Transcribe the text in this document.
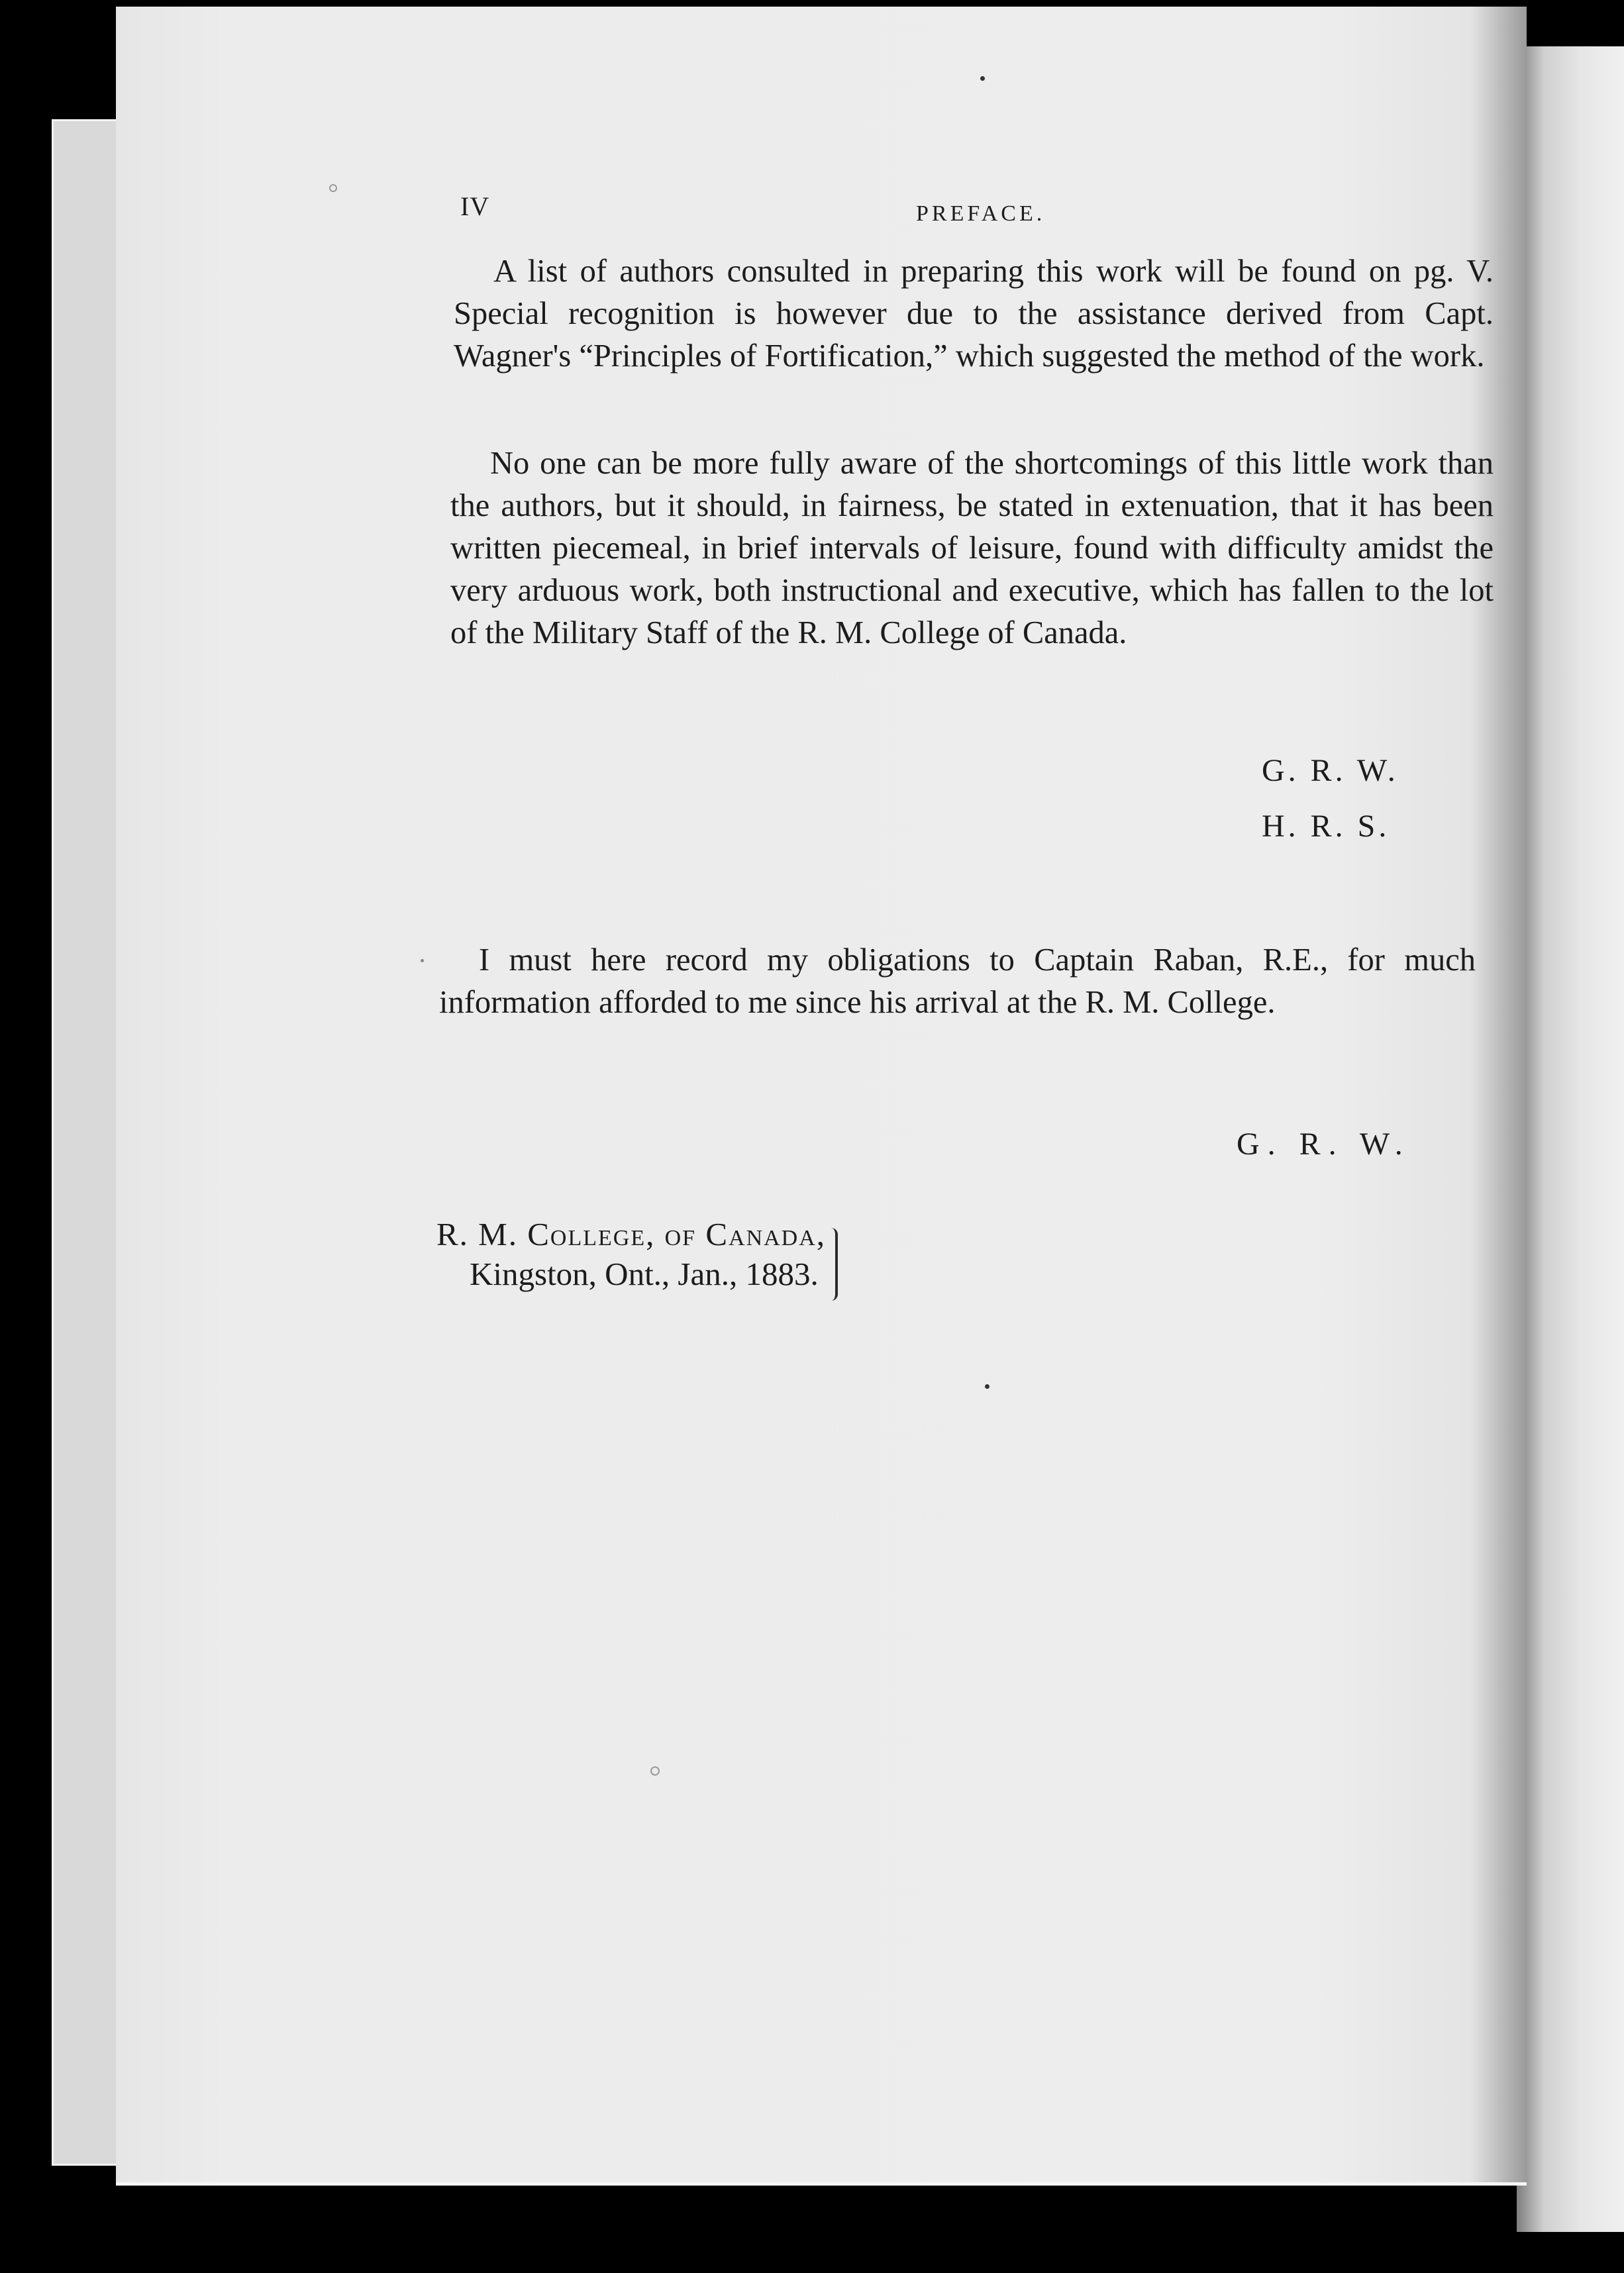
IV	PREFACE.

A list of authors consulted in preparing this work will be found on pg. V. Special recognition is however due to the assistance derived from Capt. Wagner's “Principles of Fortification,” which suggested the method of the work.

No one can be more fully aware of the shortcomings of this little work than the authors, but it should, in fairness, be stated in extenuation, that it has been written piecemeal, in brief intervals of leisure, found with difficulty amidst the very arduous work, both instructional and executive, which has fallen to the lot of the Military Staff of the R. M. College of Canada.

G. R. W.
H. R. S.

I must here record my obligations to Captain Raban, R.E., for much information afforded to me since his arrival at the R. M. College.

G. R. W.
R. M. College, of Canada,
Kingston, Ont., Jan., 1883.
